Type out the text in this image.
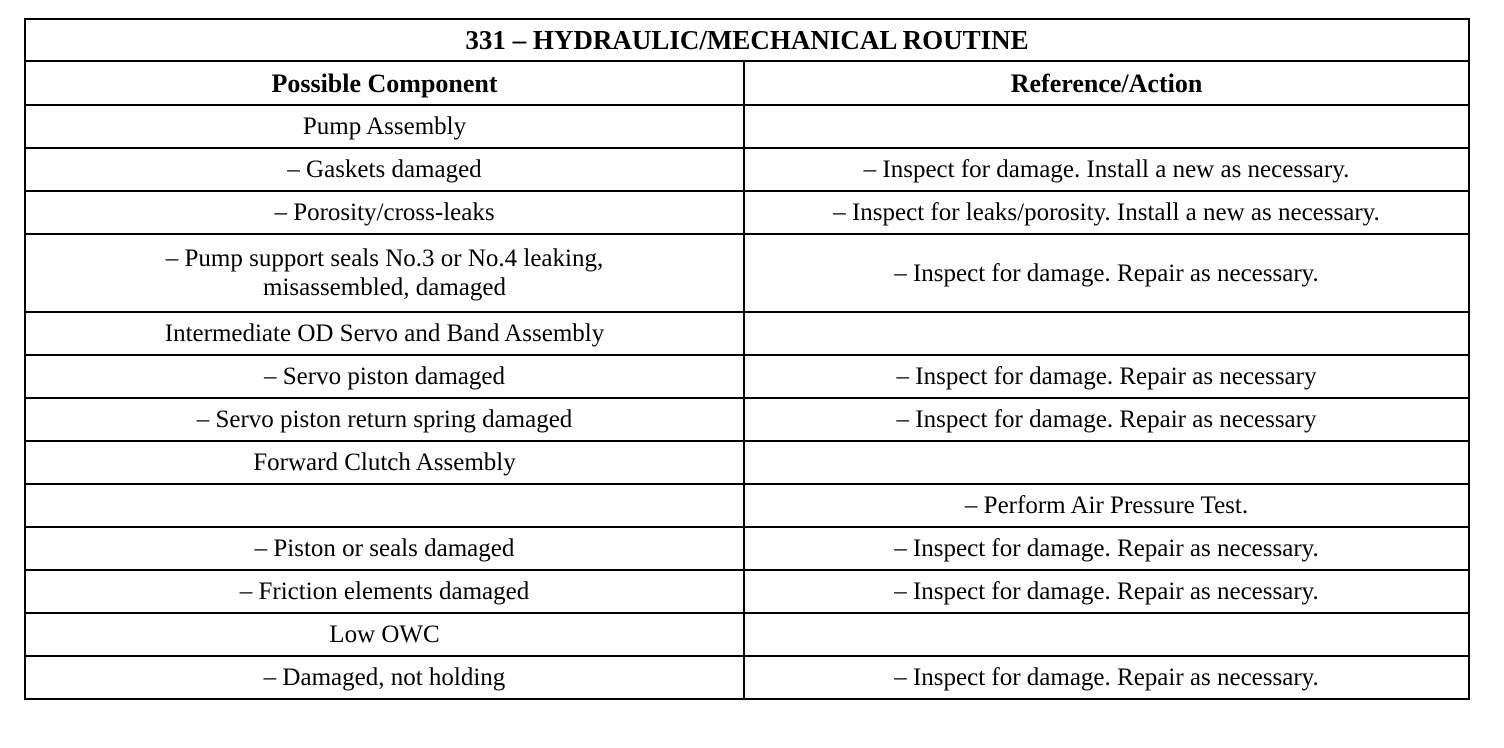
331 – HYDRAULIC/MECHANICAL ROUTINE	
Possible Component	Reference/Action
Pump Assembly	
– Gaskets damaged	– Inspect for damage. Install a new as necessary.
– Porosity/cross-leaks	– Inspect for leaks/porosity. Install a new as necessary.
– Pump support seals No.3 or No.4 leaking,
misassembled, damaged	– Inspect for damage. Repair as necessary.
Intermediate OD Servo and Band Assembly	
– Servo piston damaged	– Inspect for damage. Repair as necessary
– Servo piston return spring damaged	– Inspect for damage. Repair as necessary
Forward Clutch Assembly	
	– Perform Air Pressure Test.
– Piston or seals damaged	– Inspect for damage. Repair as necessary.
– Friction elements damaged	– Inspect for damage. Repair as necessary.
Low OWC	
– Damaged, not holding	– Inspect for damage. Repair as necessary.
